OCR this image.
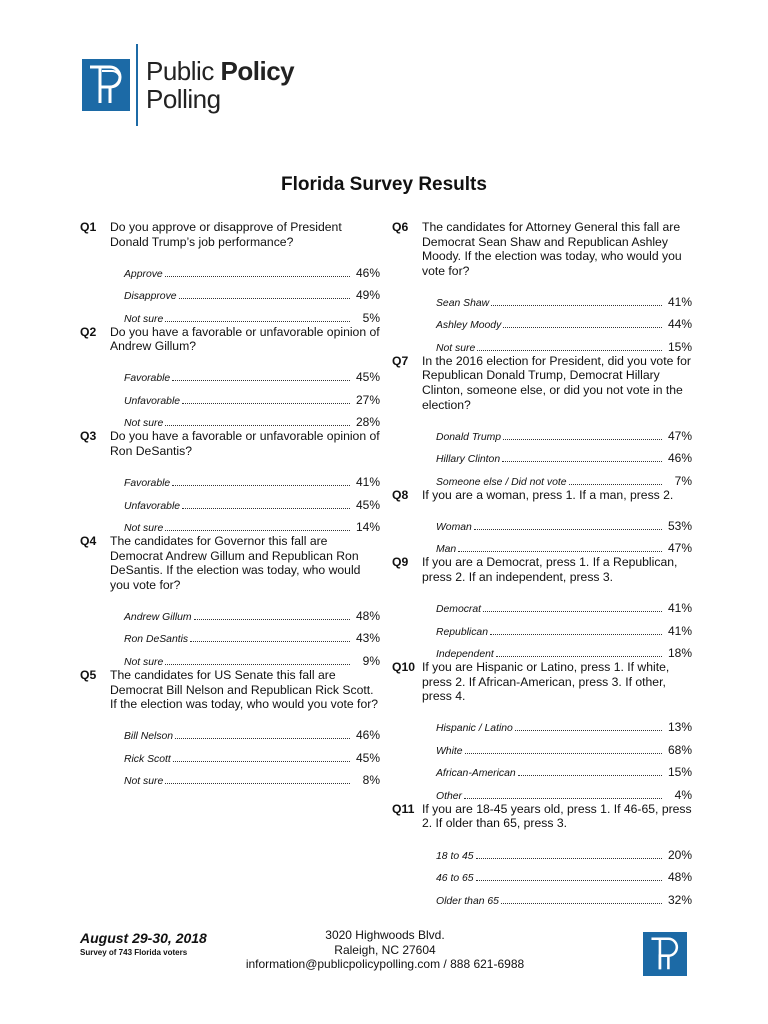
Public Policy
Polling
Florida Survey Results
Q1	Do you approve or disapprove of President Donald Trump’s job performance?
Approve	46%
Disapprove	49%
Not sure	5%
Q2	Do you have a favorable or unfavorable opinion of Andrew Gillum?
Favorable	45%
Unfavorable	27%
Not sure	28%
Q3	Do you have a favorable or unfavorable opinion of Ron DeSantis?
Favorable	41%
Unfavorable	45%
Not sure	14%
Q4	The candidates for Governor this fall are Democrat Andrew Gillum and Republican Ron DeSantis. If the election was today, who would you vote for?
Andrew Gillum	48%
Ron DeSantis	43%
Not sure	9%
Q5	The candidates for US Senate this fall are Democrat Bill Nelson and Republican Rick Scott. If the election was today, who would you vote for?
Bill Nelson	46%
Rick Scott	45%
Not sure	8%
Q6	The candidates for Attorney General this fall are Democrat Sean Shaw and Republican Ashley Moody. If the election was today, who would you vote for?
Sean Shaw	41%
Ashley Moody	44%
Not sure	15%
Q7	In the 2016 election for President, did you vote for Republican Donald Trump, Democrat Hillary Clinton, someone else, or did you not vote in the election?
Donald Trump	47%
Hillary Clinton	46%
Someone else / Did not vote	7%
Q8	If you are a woman, press 1. If a man, press 2.
Woman	53%
Man	47%
Q9	If you are a Democrat, press 1. If a Republican, press 2. If an independent, press 3.
Democrat	41%
Republican	41%
Independent	18%
Q10 If you are Hispanic or Latino, press 1. If white, press 2. If African-American, press 3. If other, press 4.
Hispanic / Latino	13%
White	68%
African-American	15%
Other	4%
Q11 If you are 18-45 years old, press 1. If 46-65, press 2. If older than 65, press 3.
18 to 45	20%
46 to 65	48%
Older than 65	32%
August 29-30, 2018
Survey of 743 Florida voters
3020 Highwoods Blvd.
Raleigh, NC 27604
information@publicpolicypolling.com / 888 621-6988
